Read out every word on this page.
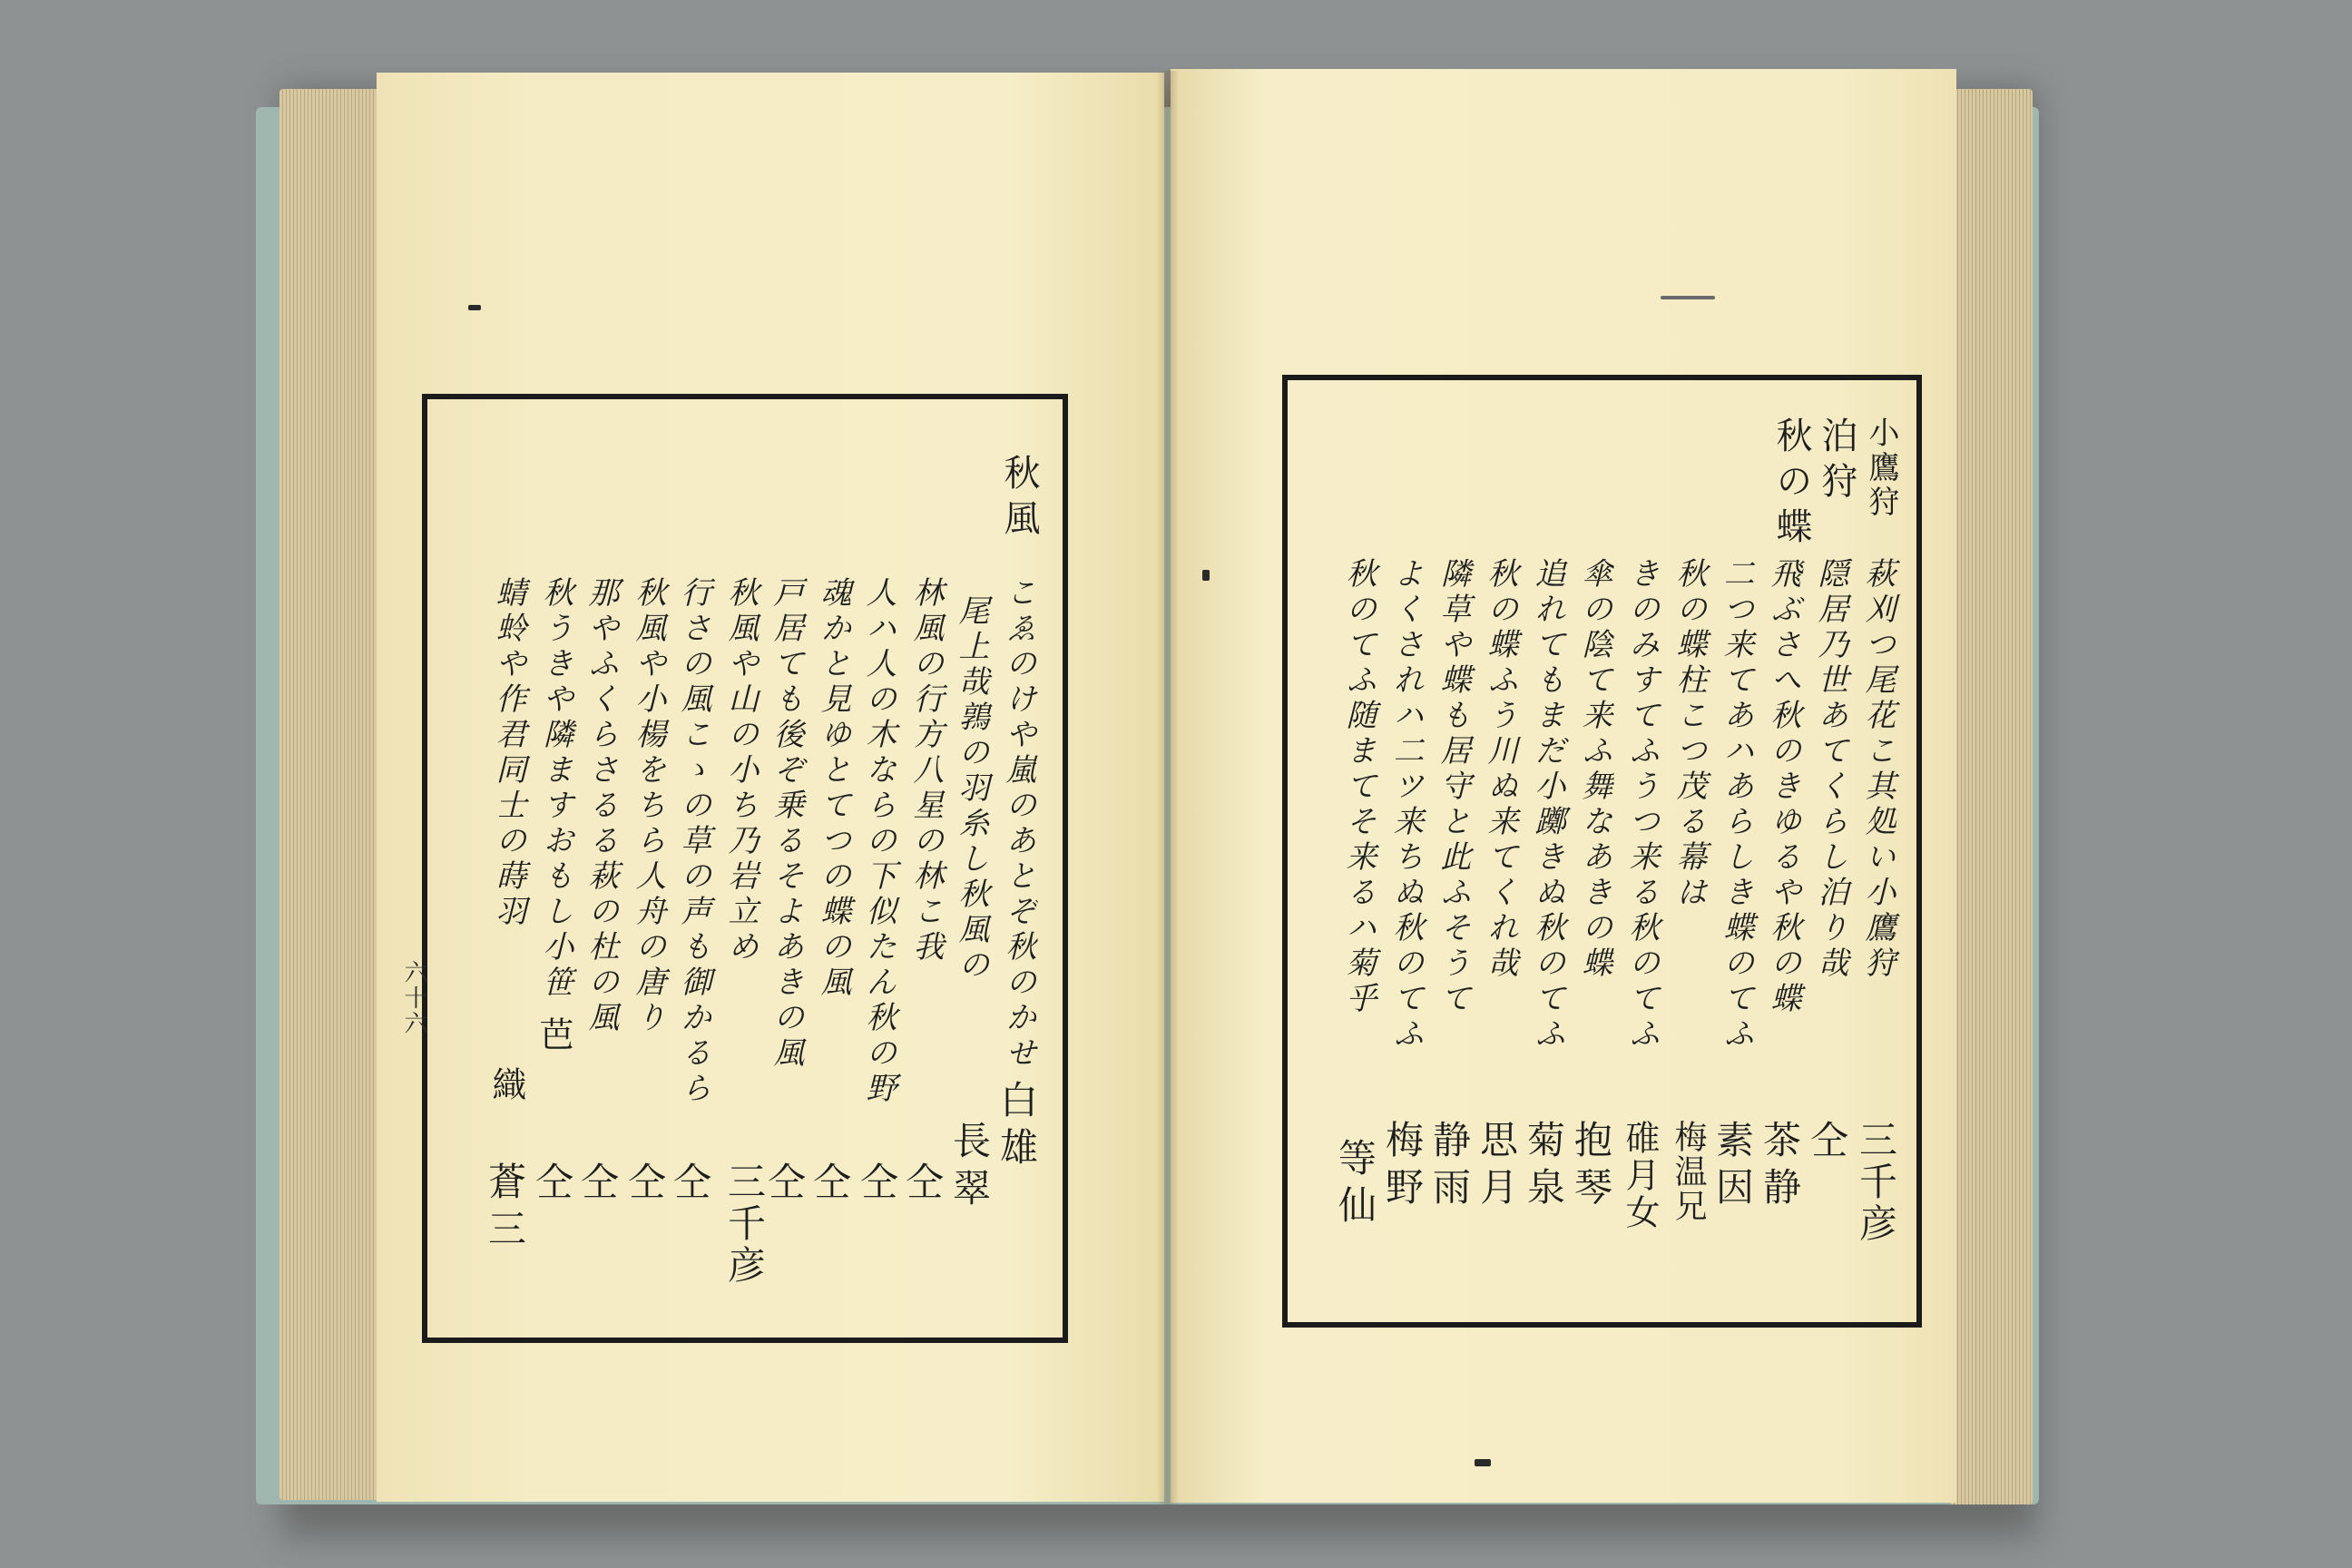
秋風
こゑのけや嵐のあとぞ秋のかせ
尾上哉鶉の羽糸し秋風の
林風の行方八星の林こ我
人ハ人の木ならの下似たん秋の野
魂かと見ゆとてつの蝶の風
戸居ても後ぞ乗るそよあきの風
秋風や山の小ち乃岩立め
行さの風こゝの草の声も御かるら
秋風や小楊をちら人舟の唐り
那やふくらさるる萩の杜の風
秋うきや隣ますおもし小笹
蜻蛉や作君同士の蒔羽
白雄
長翠
仝
仝
仝
仝
三千彦
仝
仝
仝
仝
蒼三
芭
織
六十六
小鷹狩
泊狩
秋の蝶
萩刈つ尾花こ其処い小鷹狩
隠居乃世あてくらし泊り哉
飛ぶさへ秋のきゆるや秋の蝶
二つ来てあハあらしき蝶のてふ
秋の蝶柱こつ茂る幕は
きのみすてふうつ来る秋のてふ
傘の陰て来ふ舞なあきの蝶
追れてもまだ小躑きぬ秋のてふ
秋の蝶ふう川ぬ来てくれ哉
隣草や蝶も居守と此ふそうて
よくされハ二ツ来ちぬ秋のてふ
秋のてふ随まてそ来るハ菊乎
三千彦
仝
茶静
素因
梅温兄
碓月女
抱琴
菊泉
思月
静雨
梅野
等仙
